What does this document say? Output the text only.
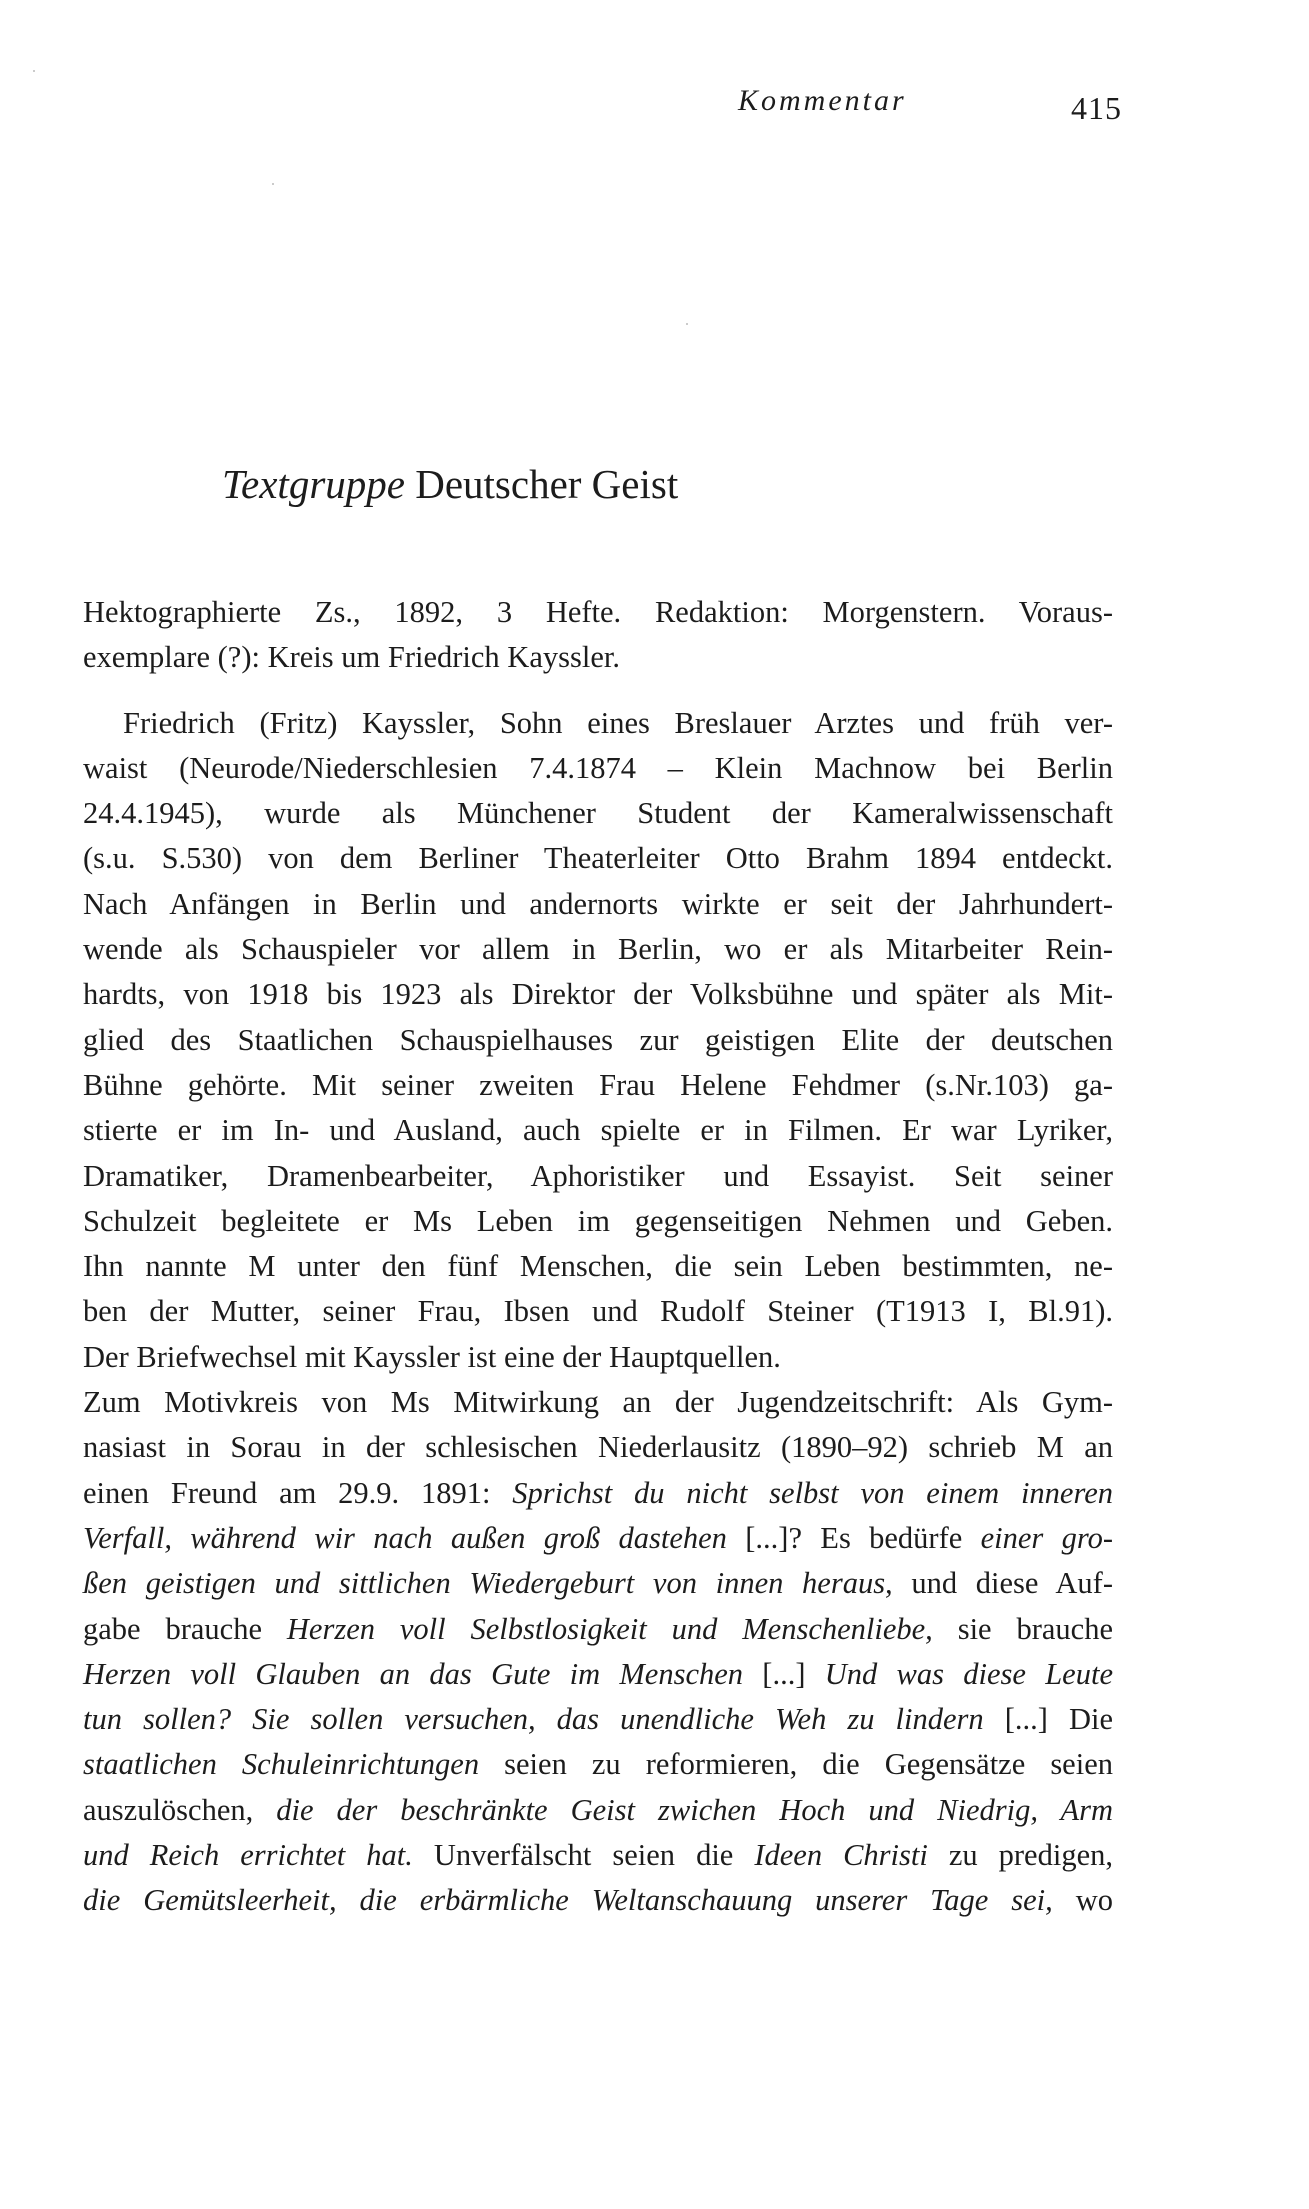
Kommentar	415
Textgruppe Deutscher Geist
Hektographierte Zs., 1892, 3 Hefte. Redaktion: Morgenstern. Voraus-
exemplare (?): Kreis um Friedrich Kayssler.
Friedrich (Fritz) Kayssler, Sohn eines Breslauer Arztes und früh ver-
waist (Neurode/Niederschlesien 7.4.1874 – Klein Machnow bei Berlin
24.4.1945), wurde als Münchener Student der Kameralwissenschaft
(s.u. S.530) von dem Berliner Theaterleiter Otto Brahm 1894 entdeckt.
Nach Anfängen in Berlin und andernorts wirkte er seit der Jahrhundert-
wende als Schauspieler vor allem in Berlin, wo er als Mitarbeiter Rein-
hardts, von 1918 bis 1923 als Direktor der Volksbühne und später als Mit-
glied des Staatlichen Schauspielhauses zur geistigen Elite der deutschen
Bühne gehörte. Mit seiner zweiten Frau Helene Fehdmer (s.Nr.103) ga-
stierte er im In- und Ausland, auch spielte er in Filmen. Er war Lyriker,
Dramatiker, Dramenbearbeiter, Aphoristiker und Essayist. Seit seiner
Schulzeit begleitete er Ms Leben im gegenseitigen Nehmen und Geben.
Ihn nannte M unter den fünf Menschen, die sein Leben bestimmten, ne-
ben der Mutter, seiner Frau, Ibsen und Rudolf Steiner (T1913 I, Bl.91).
Der Briefwechsel mit Kayssler ist eine der Hauptquellen.
Zum Motivkreis von Ms Mitwirkung an der Jugendzeitschrift: Als Gym-
nasiast in Sorau in der schlesischen Niederlausitz (1890–92) schrieb M an
einen Freund am 29.9. 1891: Sprichst du nicht selbst von einem inneren
Verfall, während wir nach außen groß dastehen [...]? Es bedürfe einer gro-
ßen geistigen und sittlichen Wiedergeburt von innen heraus, und diese Auf-
gabe brauche Herzen voll Selbstlosigkeit und Menschenliebe, sie brauche
Herzen voll Glauben an das Gute im Menschen [...] Und was diese Leute
tun sollen? Sie sollen versuchen, das unendliche Weh zu lindern [...] Die
staatlichen Schuleinrichtungen seien zu reformieren, die Gegensätze seien
auszulöschen, die der beschränkte Geist zwichen Hoch und Niedrig, Arm
und Reich errichtet hat. Unverfälscht seien die Ideen Christi zu predigen,
die Gemütsleerheit, die erbärmliche Weltanschauung unserer Tage sei, wo
